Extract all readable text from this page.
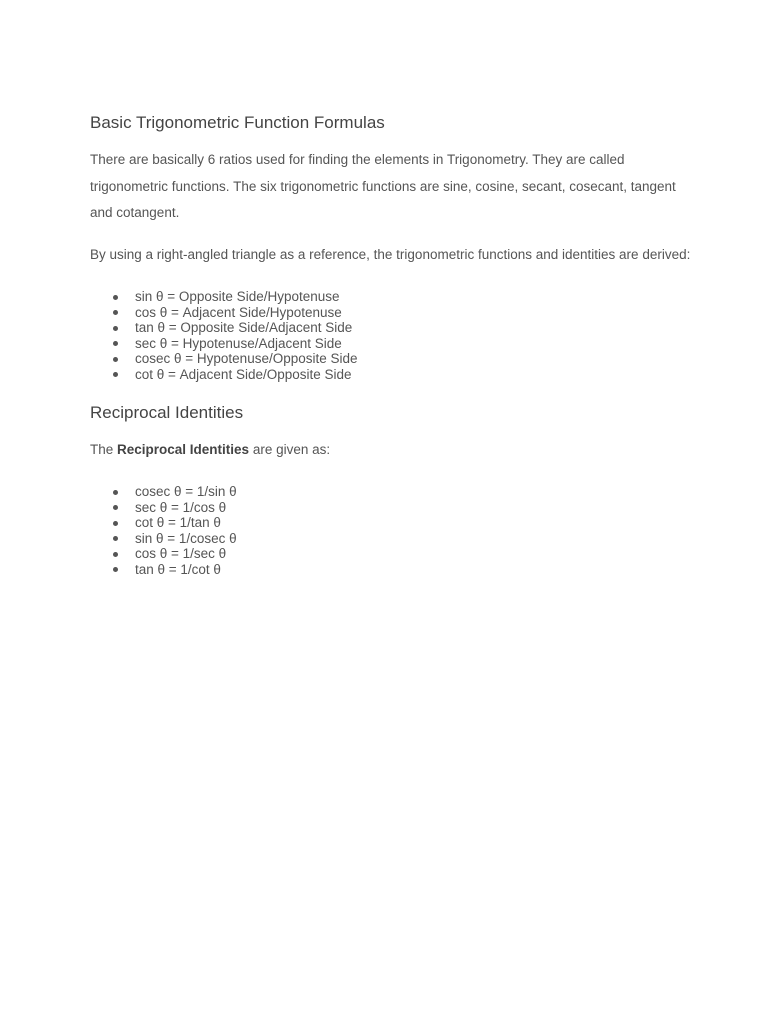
Basic Trigonometric Function Formulas

There are basically 6 ratios used for finding the elements in Trigonometry. They are called trigonometric functions. The six trigonometric functions are sine, cosine, secant, cosecant, tangent and cotangent.

By using a right-angled triangle as a reference, the trigonometric functions and identities are derived:

sin θ = Opposite Side/Hypotenuse
cos θ = Adjacent Side/Hypotenuse
tan θ = Opposite Side/Adjacent Side
sec θ = Hypotenuse/Adjacent Side
cosec θ = Hypotenuse/Opposite Side
cot θ = Adjacent Side/Opposite Side
Reciprocal Identities

The Reciprocal Identities are given as:

cosec θ = 1/sin θ
sec θ = 1/cos θ
cot θ = 1/tan θ
sin θ = 1/cosec θ
cos θ = 1/sec θ
tan θ = 1/cot θ
